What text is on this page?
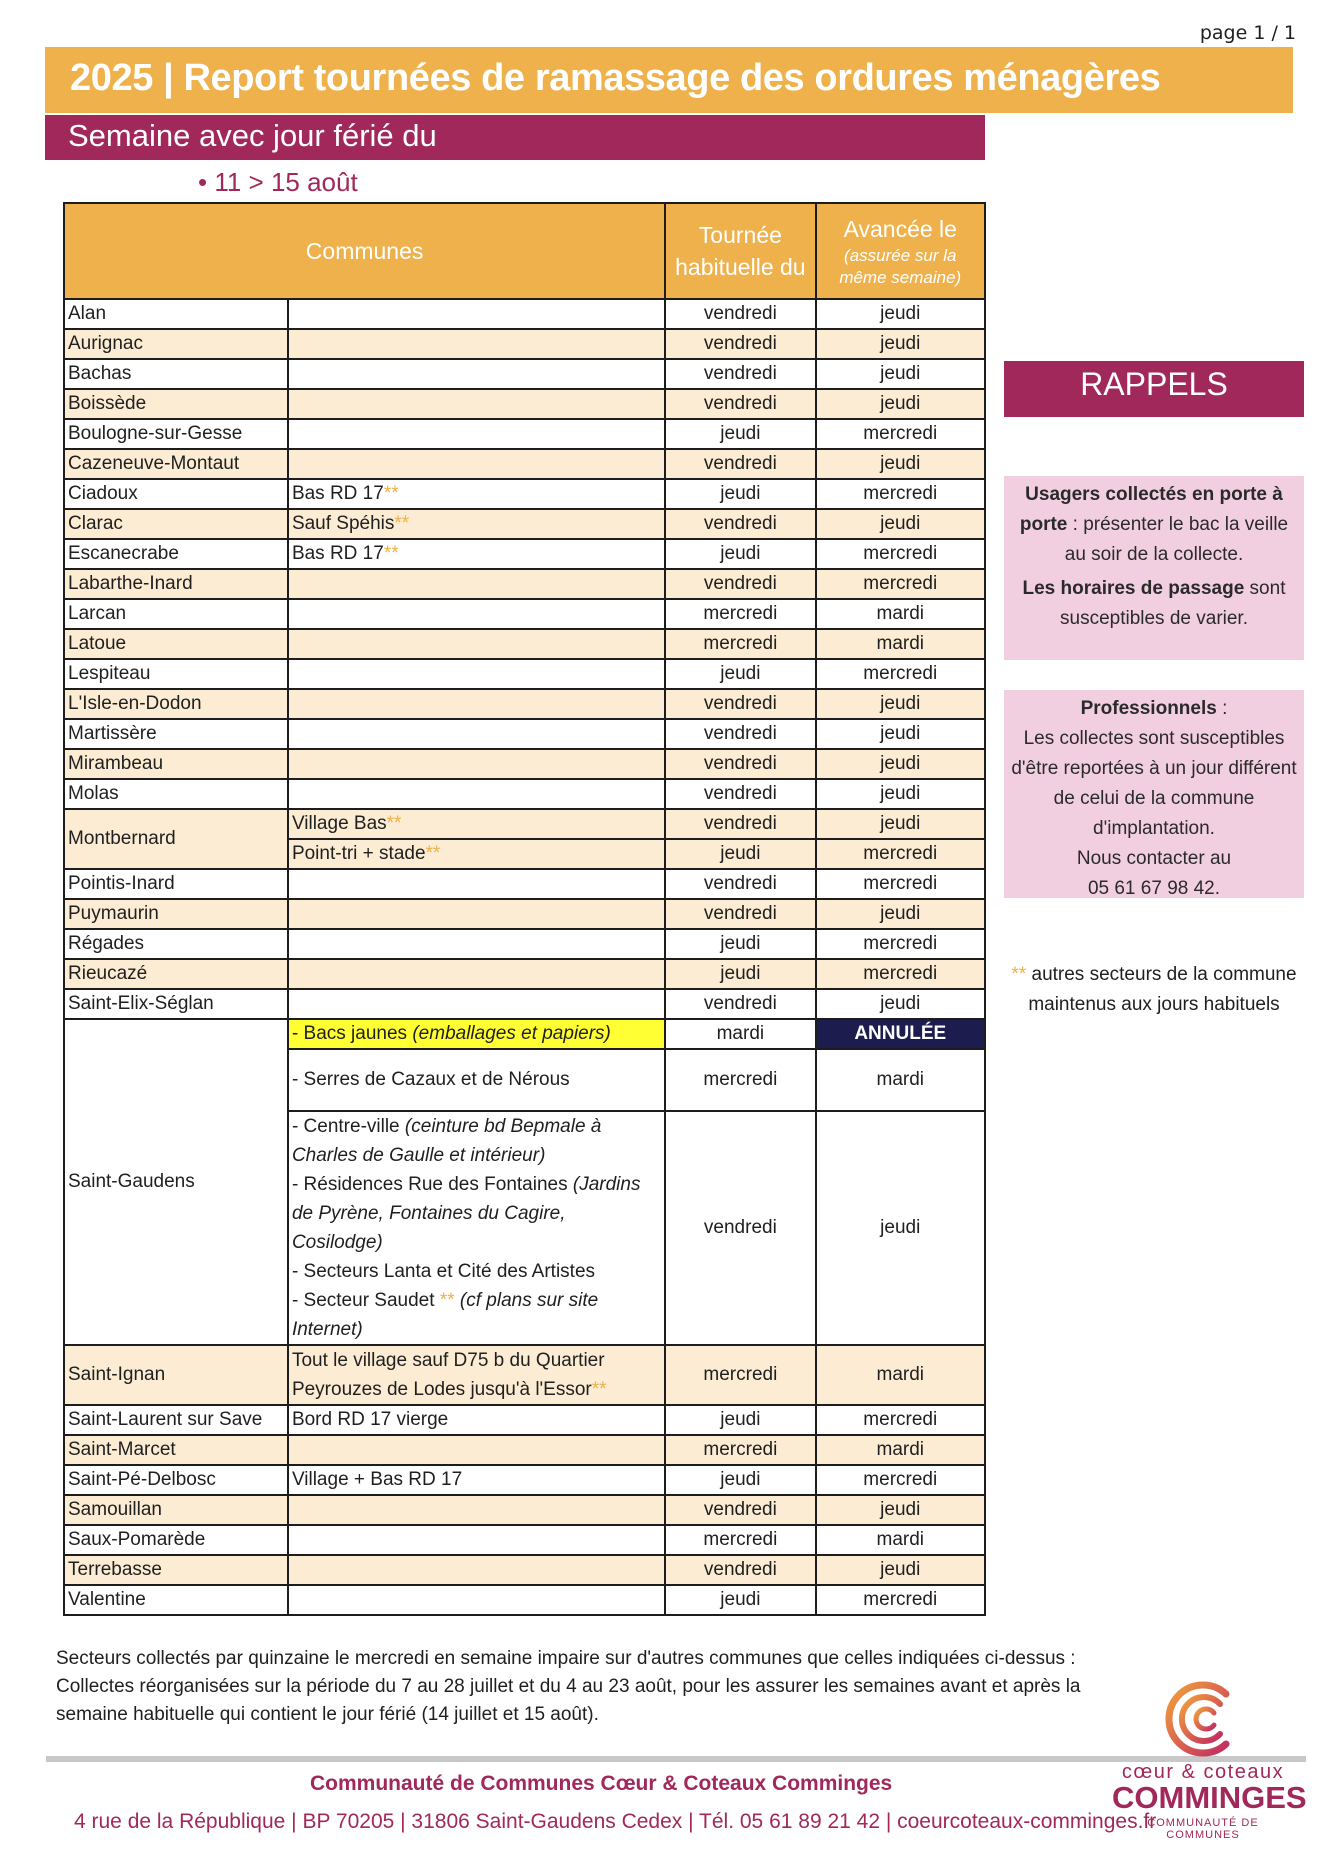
page 1 / 1
2025 | Report tournées de ramassage des ordures ménagères
Semaine avec jour férié du
• 11 > 15 août
Communes		Tournée
habituelle du	Avancée le
(assurée sur la même semaine)

Alan		vendredi	jeudi
Aurignac		vendredi	jeudi
Bachas		vendredi	jeudi
Boissède		vendredi	jeudi
Boulogne-sur-Gesse		jeudi	mercredi
Cazeneuve-Montaut		vendredi	jeudi
Ciadoux	Bas RD 17**	jeudi	mercredi
Clarac	Sauf Spéhis**	vendredi	jeudi
Escanecrabe	Bas RD 17**	jeudi	mercredi
Labarthe-Inard		vendredi	mercredi
Larcan		mercredi	mardi
Latoue		mercredi	mardi
Lespiteau		jeudi	mercredi
L'Isle-en-Dodon		vendredi	jeudi
Martissère		vendredi	jeudi
Mirambeau		vendredi	jeudi
Molas		vendredi	jeudi
Montbernard	Village Bas**	vendredi	jeudi
	Point-tri + stade**	jeudi	mercredi
Pointis-Inard		vendredi	mercredi
Puymaurin		vendredi	jeudi
Régades		jeudi	mercredi
Rieucazé		jeudi	mercredi
Saint-Elix-Séglan		vendredi	jeudi
Saint-Gaudens	- Bacs jaunes (emballages et papiers)	mardi	ANNULÉE
	- Serres de Cazaux et de Nérous	mercredi	mardi
	- Centre-ville (ceinture bd Bepmale à Charles de Gaulle et intérieur)
- Résidences Rue des Fontaines (Jardins de Pyrène, Fontaines du Cagire, Cosilodge)
- Secteurs Lanta et Cité des Artistes
- Secteur Saudet ** (cf plans sur site Internet)	vendredi	jeudi
Saint-Ignan	Tout le village sauf D75 b du Quartier Peyrouzes de Lodes jusqu'à l'Essor**	mercredi	mardi
Saint-Laurent sur Save	Bord RD 17 vierge	jeudi	mercredi
Saint-Marcet		mercredi	mardi
Saint-Pé-Delbosc	Village + Bas RD 17	jeudi	mercredi
Samouillan		vendredi	jeudi
Saux-Pomarède		mercredi	mardi
Terrebasse		vendredi	jeudi
Valentine		jeudi	mercredi
RAPPELS
Usagers collectés en porte à porte : présenter le bac la veille au soir de la collecte.
Les horaires de passage sont susceptibles de varier.
Professionnels :
Les collectes sont susceptibles d'être reportées à un jour différent de celui de la commune d'implantation.
Nous contacter au
05 61 67 98 42.
** autres secteurs de la commune maintenus aux jours habituels
Secteurs collectés par quinzaine le mercredi en semaine impaire sur d'autres communes que celles indiquées ci-dessus : Collectes réorganisées sur la période du 7 au 28 juillet et du 4 au 23 août, pour les assurer les semaines avant et après la semaine habituelle qui contient le jour férié (14 juillet et 15 août).
Communauté de Communes Cœur & Coteaux Comminges
4 rue de la République | BP 70205 | 31806 Saint-Gaudens Cedex | Tél. 05 61 89 21 42 | coeurcoteaux-comminges.fr
cœur & coteaux
COMMINGES
COMMUNAUTÉ DE COMMUNES
